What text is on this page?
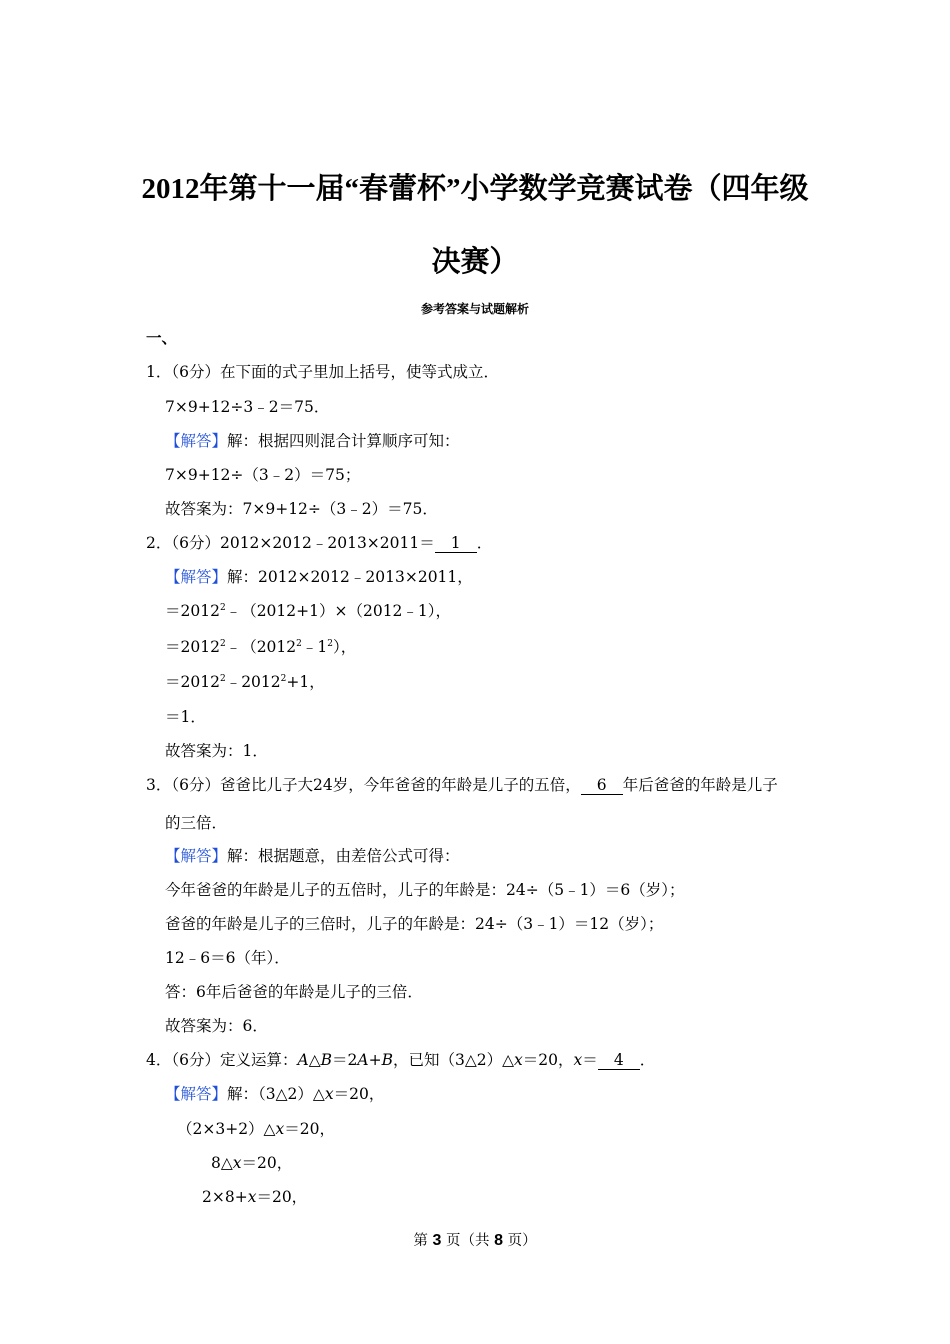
2012年第十一届“春蕾杯”小学数学竞赛试卷（四年级
决赛）
参考答案与试题解析
一、
1．（6分）在下面的式子里加上括号，使等式成立．
7×9+12÷3﹣2＝75．
【解答】解：根据四则混合计算顺序可知：
7×9+12÷（3﹣2）＝75；
故答案为：7×9+12÷（3﹣2）＝75．
2．（6分）2012×2012﹣2013×2011＝ 1 ．
【解答】解：2012×2012﹣2013×2011，
$=2012^2﹣(2012+1)\times(2012﹣1)$，
$=2012^2﹣(2012^2﹣1^2)$，
$=2012^2﹣2012^2+1$，
＝1．
故答案为：1．
3．（6分）爸爸比儿子大24岁，今年爸爸的年龄是儿子的五倍， 6 年后爸爸的年龄是儿子
的三倍．
【解答】解：根据题意，由差倍公式可得：
今年爸爸的年龄是儿子的五倍时，儿子的年龄是：24÷（5﹣1）＝6（岁）；
爸爸的年龄是儿子的三倍时，儿子的年龄是：24÷（3﹣1）＝12（岁）；
12﹣6＝6（年）．
答：6年后爸爸的年龄是儿子的三倍．
故答案为：6．
4．（6分）定义运算：A△B＝2A+B，已知（3△2）△x＝20，x＝ 4 ．
【解答】解：（3△2）△x＝20，
（2×3+2）△x＝20，
8△x＝20，
2×8+x＝20，
第 3 页（共 8 页）
